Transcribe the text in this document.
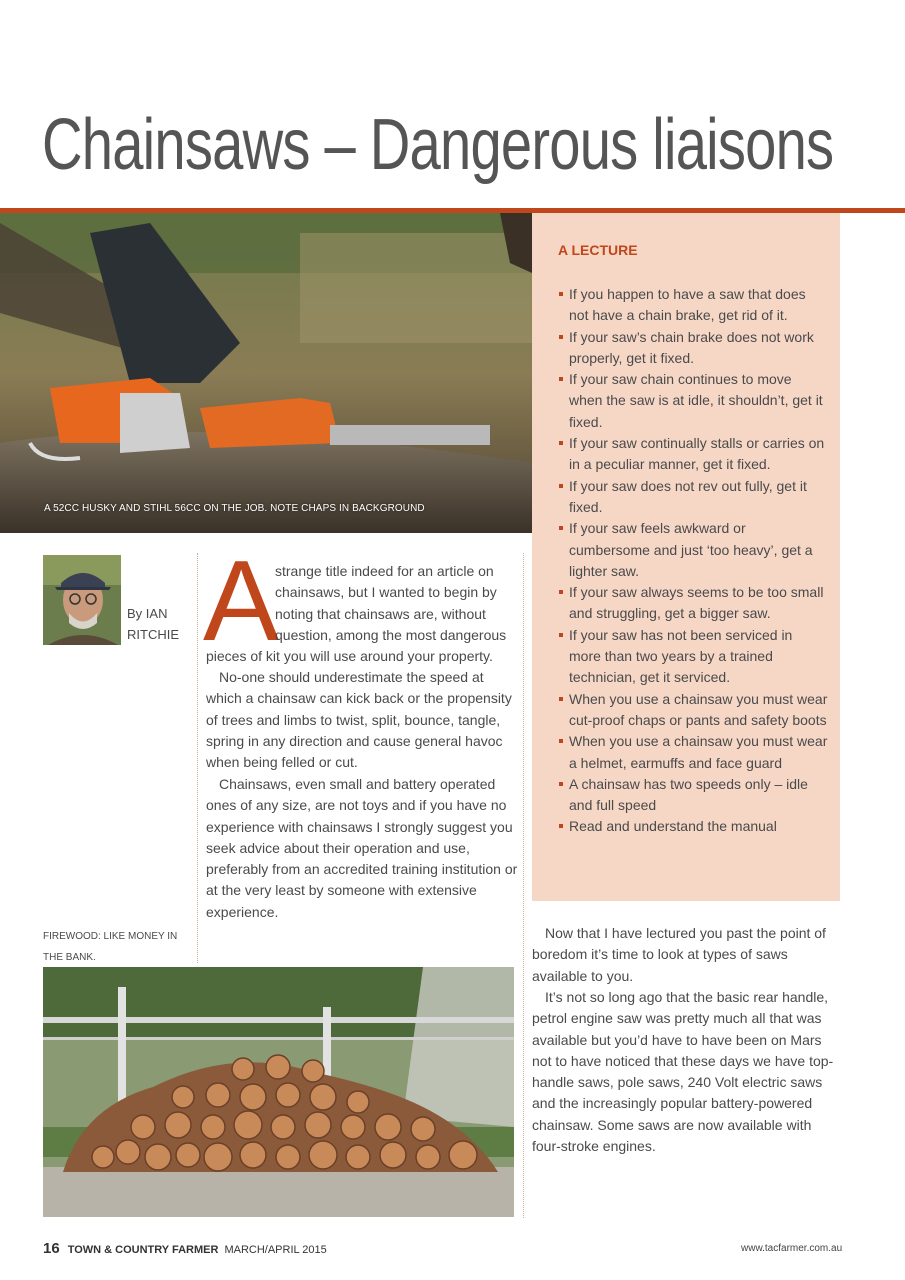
Chainsaws – Dangerous liaisons
A 52CC HUSKY AND STIHL 56CC ON THE JOB. NOTE CHAPS IN BACKGROUND
A LECTURE
If you happen to have a saw that does not have a chain brake, get rid of it.
If your saw’s chain brake does not work properly, get it fixed.
If your saw chain continues to move when the saw is at idle, it shouldn’t, get it fixed.
If your saw continually stalls or carries on in a peculiar manner, get it fixed.
If your saw does not rev out fully, get it fixed.
If your saw feels awkward or cumbersome and just ‘too heavy’, get a lighter saw.
If your saw always seems to be too small and struggling, get a bigger saw.
If your saw has not been serviced in more than two years by a trained technician, get it serviced.
When you use a chainsaw you must wear cut-proof chaps or pants and safety boots
When you use a chainsaw you must wear a helmet, earmuffs and face guard
A chainsaw has two speeds only – idle and full speed
Read and understand the manual
By IAN
RITCHIE A

strange title indeed for an article on chainsaws, but I wanted to begin by noting that chainsaws are, without question, among the most dangerous

pieces of kit you will use around your property.

No-one should underestimate the speed at which a chainsaw can kick back or the propensity of trees and limbs to twist, split, bounce, tangle, spring in any direction and cause general havoc when being felled or cut.

Chainsaws, even small and battery operated ones of any size, are not toys and if you have no experience with chainsaws I strongly suggest you seek advice about their operation and use, preferably from an accredited training institution or at the very least by someone with extensive experience.

FIREWOOD: LIKE MONEY IN THE BANK.

Now that I have lectured you past the point of boredom it’s time to look at types of saws available to you.

It’s not so long ago that the basic rear handle, petrol engine saw was pretty much all that was available but you’d have to have been on Mars not to have noticed that these days we have top-handle saws, pole saws, 240 Volt electric saws and the increasingly popular battery-powered chainsaw. Some saws are now available with four-stroke engines.

16 TOWN & COUNTRY FARMER MARCH/APRIL 2015	www.tacfarmer.com.au
